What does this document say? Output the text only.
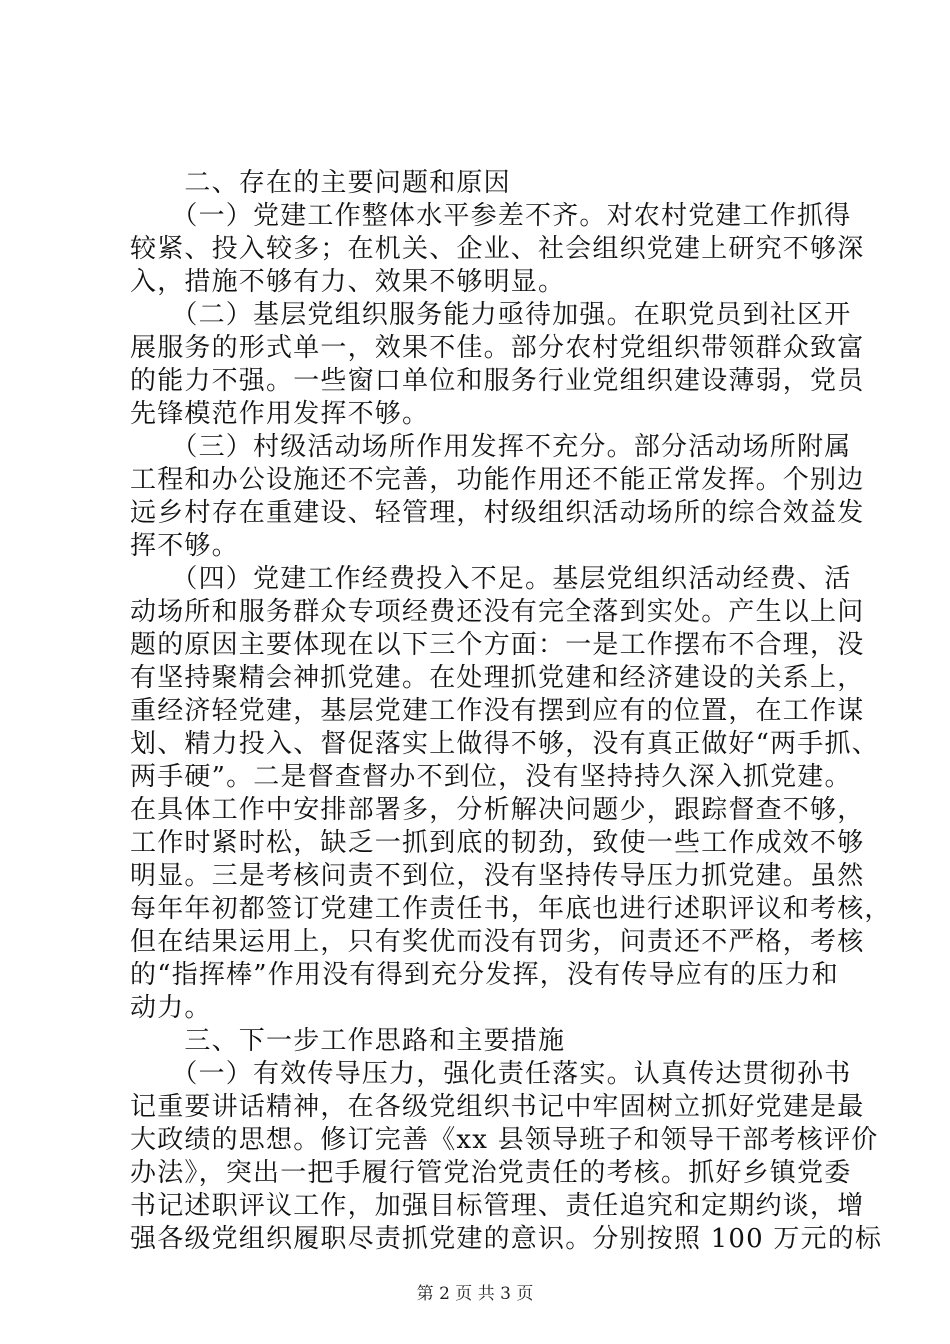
　　二、存在的主要问题和原因
　　（一）党建工作整体水平参差不齐。对农村党建工作抓得
较紧、投入较多；在机关、企业、社会组织党建上研究不够深
入，措施不够有力、效果不够明显。
　　（二）基层党组织服务能力亟待加强。在职党员到社区开
展服务的形式单一，效果不佳。部分农村党组织带领群众致富
的能力不强。一些窗口单位和服务行业党组织建设薄弱，党员
先锋模范作用发挥不够。
　　（三）村级活动场所作用发挥不充分。部分活动场所附属
工程和办公设施还不完善，功能作用还不能正常发挥。个别边
远乡村存在重建设、轻管理，村级组织活动场所的综合效益发
挥不够。
　　（四）党建工作经费投入不足。基层党组织活动经费、活
动场所和服务群众专项经费还没有完全落到实处。产生以上问
题的原因主要体现在以下三个方面：一是工作摆布不合理，没
有坚持聚精会神抓党建。在处理抓党建和经济建设的关系上，
重经济轻党建，基层党建工作没有摆到应有的位置，在工作谋
划、精力投入、督促落实上做得不够，没有真正做好“两手抓、
两手硬”。二是督查督办不到位，没有坚持持久深入抓党建。
在具体工作中安排部署多，分析解决问题少，跟踪督查不够，
工作时紧时松，缺乏一抓到底的韧劲，致使一些工作成效不够
明显。三是考核问责不到位，没有坚持传导压力抓党建。虽然
每年年初都签订党建工作责任书，年底也进行述职评议和考核，
但在结果运用上，只有奖优而没有罚劣，问责还不严格，考核
的“指挥棒”作用没有得到充分发挥，没有传导应有的压力和
动力。
　　三、下一步工作思路和主要措施
　　（一）有效传导压力，强化责任落实。认真传达贯彻孙书
记重要讲话精神，在各级党组织书记中牢固树立抓好党建是最
大政绩的思想。修订完善《xx 县领导班子和领导干部考核评价
办法》，突出一把手履行管党治党责任的考核。抓好乡镇党委
书记述职评议工作，加强目标管理、责任追究和定期约谈，增
强各级党组织履职尽责抓党建的意识。分别按照 100 万元的标
第 2 页 共 3 页
